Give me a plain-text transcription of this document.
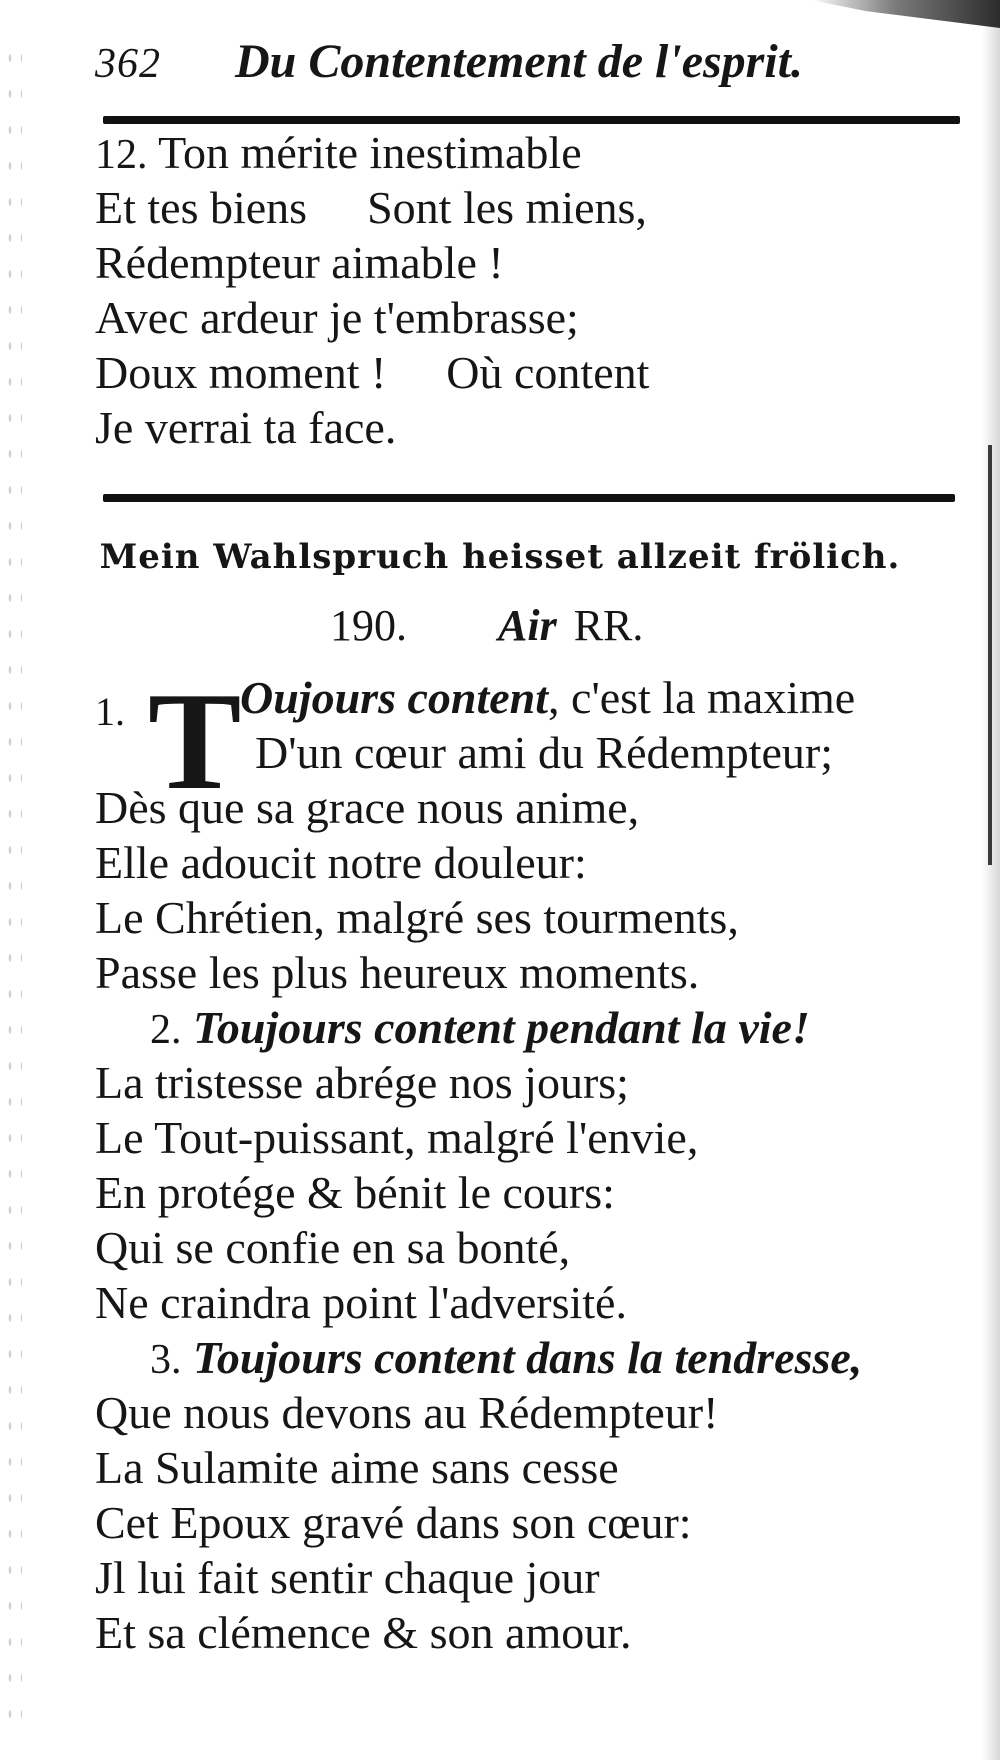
362 Du Contentement de l'esprit.
12. Ton mérite inestimable
Et tes biens Sont les miens,
Rédempteur aimable !
Avec ardeur je t'embrasse;
Doux moment ! Où content
Je verrai ta face.
Mein Wahlspruch heisset allzeit frölich.
190. Air RR.
1. T
Oujours content, c'est la maxime
D'un cœur ami du Rédempteur;
Dès que sa grace nous anime,
Elle adoucit notre douleur:
Le Chrétien, malgré ses tourments,
Passe les plus heureux moments.
2. Toujours content pendant la vie!
La tristesse abrége nos jours;
Le Tout-puissant, malgré l'envie,
En protége & bénit le cours:
Qui se confie en sa bonté,
Ne craindra point l'adversité.
3. Toujours content dans la tendresse,
Que nous devons au Rédempteur!
La Sulamite aime sans cesse
Cet Epoux gravé dans son cœur:
Jl lui fait sentir chaque jour
Et sa clémence & son amour.
